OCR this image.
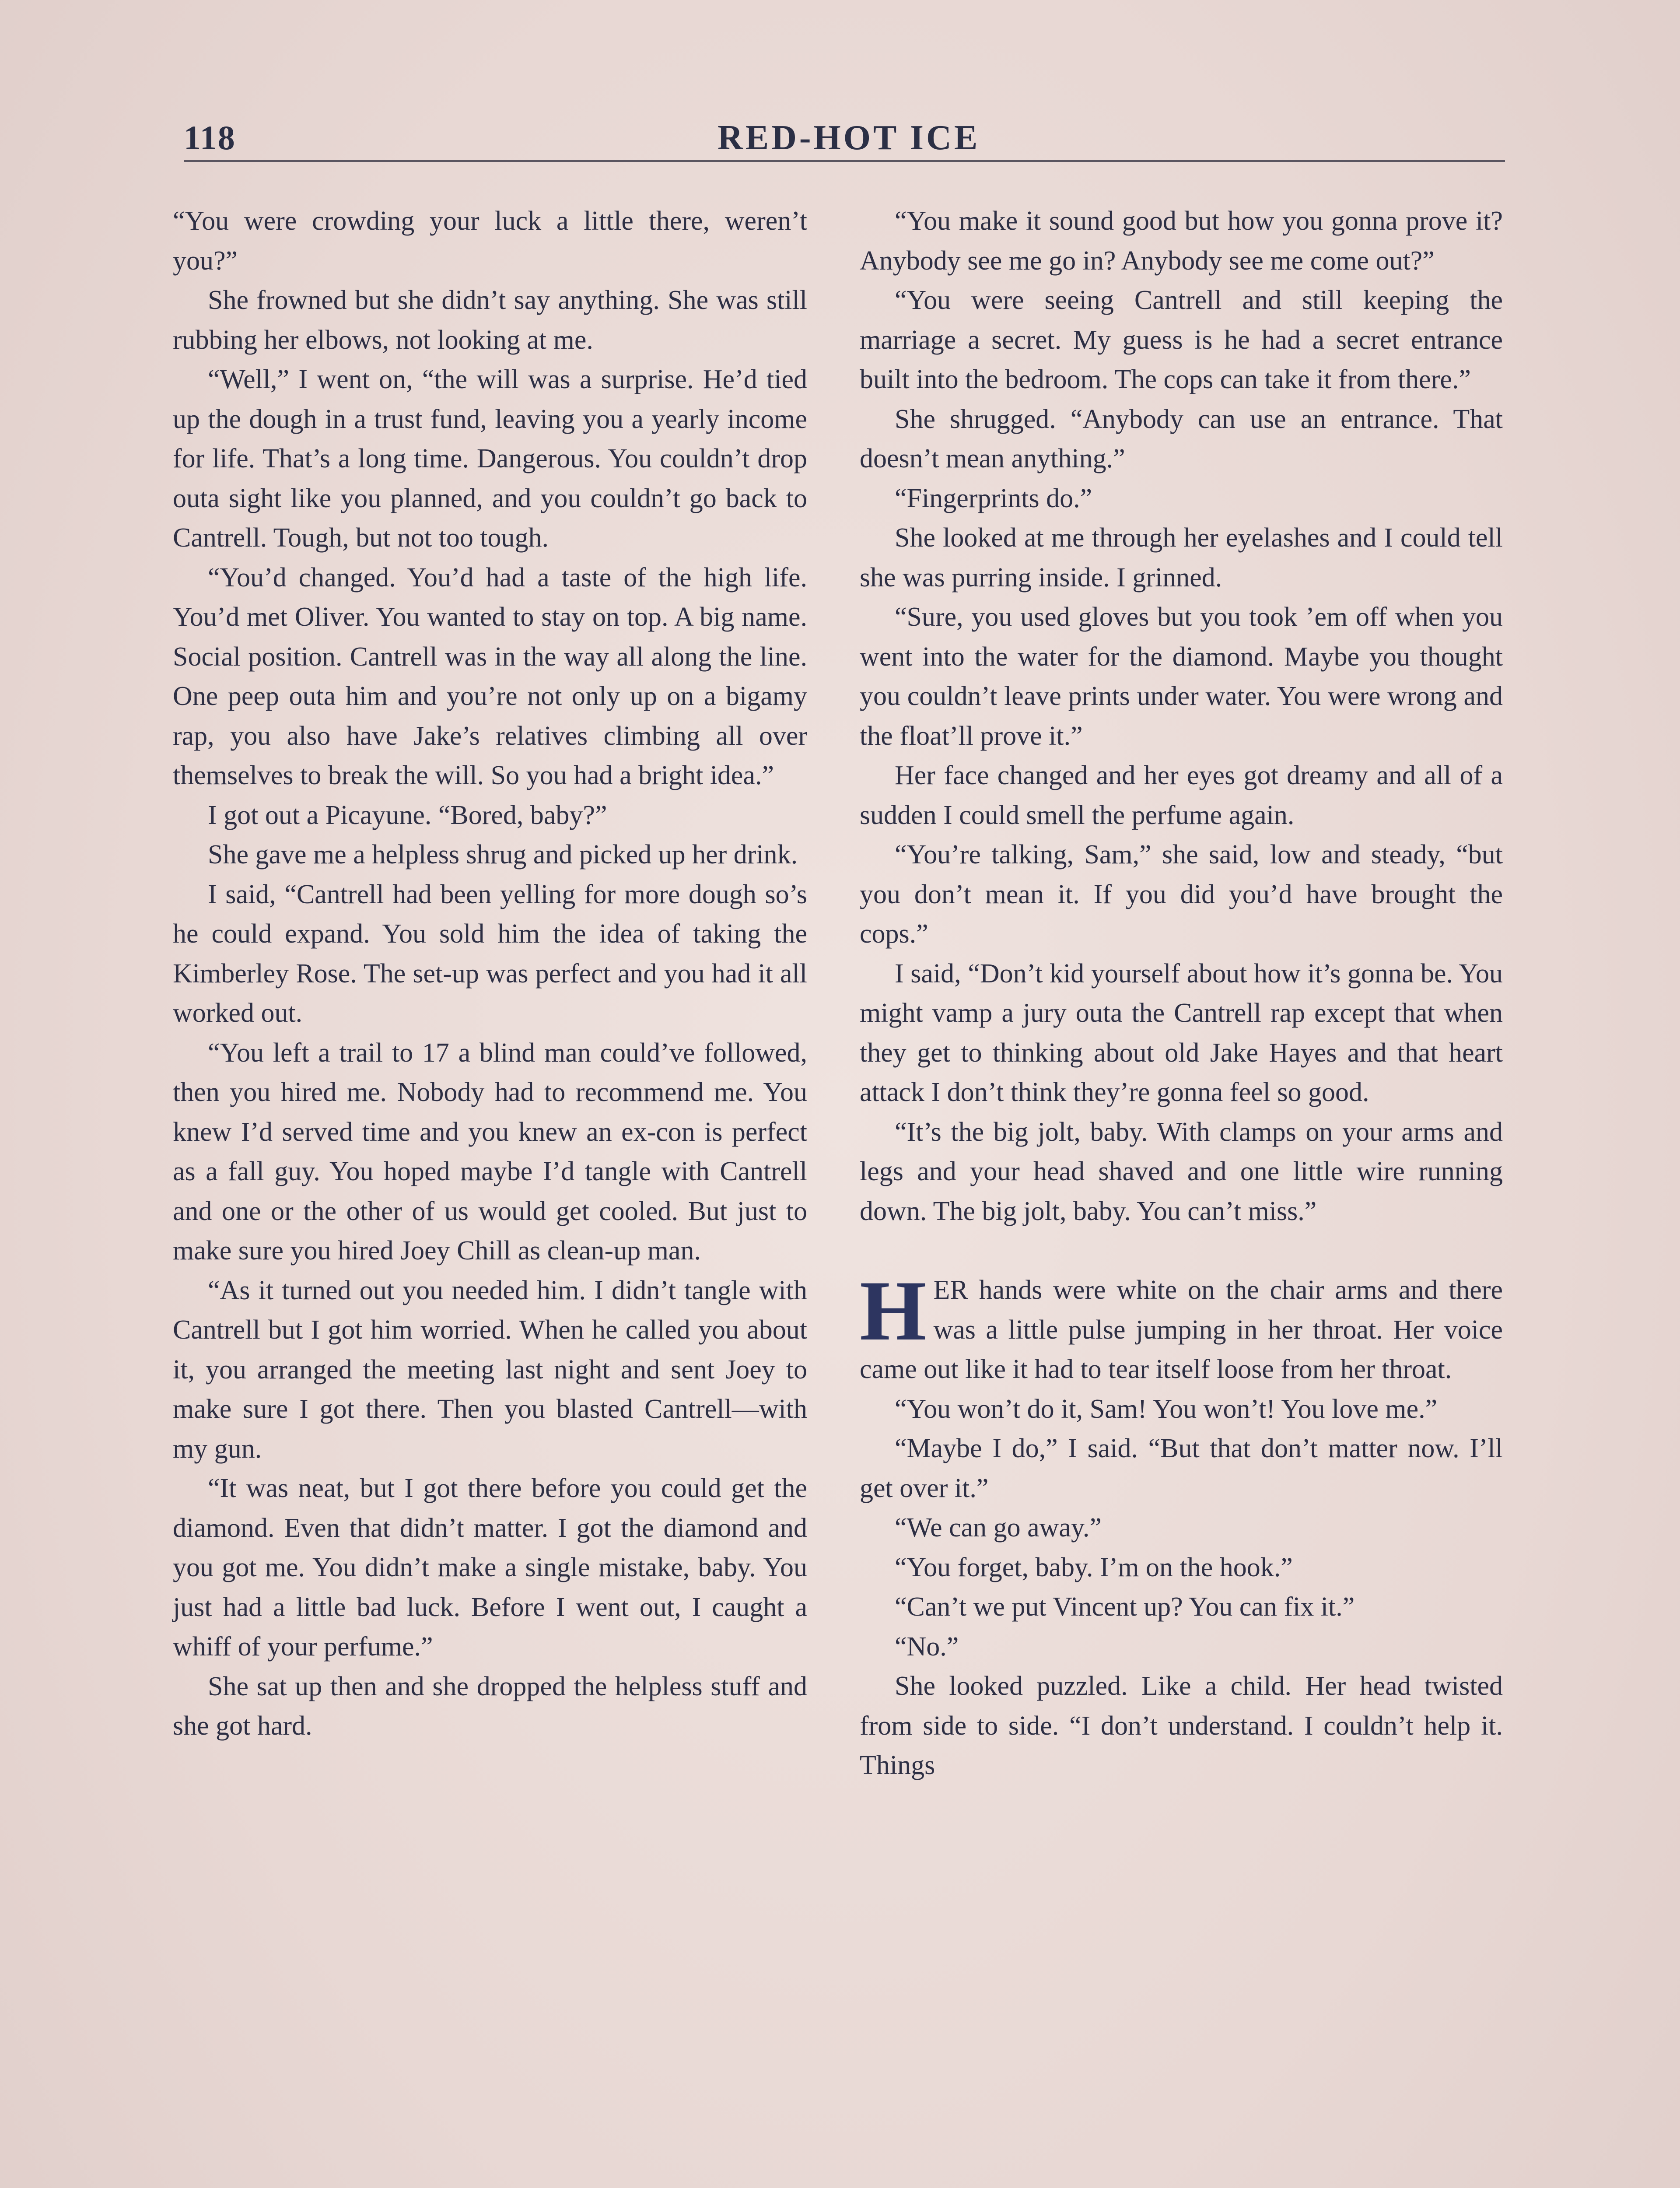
118	RED-HOT ICE

“You were crowding your luck a little there, weren’t you?”

She frowned but she didn’t say anything. She was still rubbing her elbows, not looking at me.

“Well,” I went on, “the will was a surprise. He’d tied up the dough in a trust fund, leaving you a yearly income for life. That’s a long time. Dangerous. You couldn’t drop outa sight like you planned, and you couldn’t go back to Cantrell. Tough, but not too tough.

“You’d changed. You’d had a taste of the high life. You’d met Oliver. You wanted to stay on top. A big name. Social position. Cantrell was in the way all along the line. One peep outa him and you’re not only up on a bigamy rap, you also have Jake’s relatives climbing all over themselves to break the will. So you had a bright idea.”

I got out a Picayune. “Bored, baby?”

She gave me a helpless shrug and picked up her drink.

I said, “Cantrell had been yelling for more dough so’s he could expand. You sold him the idea of taking the Kimberley Rose. The set-up was perfect and you had it all worked out.

“You left a trail to 17 a blind man could’ve followed, then you hired me. Nobody had to recommend me. You knew I’d served time and you knew an ex-con is perfect as a fall guy. You hoped maybe I’d tangle with Cantrell and one or the other of us would get cooled. But just to make sure you hired Joey Chill as clean-up man.

“As it turned out you needed him. I didn’t tangle with Cantrell but I got him worried. When he called you about it, you arranged the meeting last night and sent Joey to make sure I got there. Then you blasted Cantrell—with my gun.

“It was neat, but I got there before you could get the diamond. Even that didn’t matter. I got the diamond and you got me. You didn’t make a single mistake, baby. You just had a little bad luck. Before I went out, I caught a whiff of your perfume.”

She sat up then and she dropped the helpless stuff and she got hard.

“You make it sound good but how you gonna prove it? Anybody see me go in? Anybody see me come out?”

“You were seeing Cantrell and still keeping the marriage a secret. My guess is he had a secret entrance built into the bedroom. The cops can take it from there.”

She shrugged. “Anybody can use an entrance. That doesn’t mean anything.”

“Fingerprints do.”

She looked at me through her eyelashes and I could tell she was purring inside. I grinned.

“Sure, you used gloves but you took ’em off when you went into the water for the diamond. Maybe you thought you couldn’t leave prints under water. You were wrong and the float’ll prove it.”

Her face changed and her eyes got dreamy and all of a sudden I could smell the perfume again.

“You’re talking, Sam,” she said, low and steady, “but you don’t mean it. If you did you’d have brought the cops.”

I said, “Don’t kid yourself about how it’s gonna be. You might vamp a jury outa the Cantrell rap except that when they get to thinking about old Jake Hayes and that heart attack I don’t think they’re gonna feel so good.

“It’s the big jolt, baby. With clamps on your arms and legs and your head shaved and one little wire running down. The big jolt, baby. You can’t miss.”

HER hands were white on the chair arms and there was a little pulse jumping in her throat. Her voice came out like it had to tear itself loose from her throat.

“You won’t do it, Sam! You won’t! You love me.”

“Maybe I do,” I said. “But that don’t matter now. I’ll get over it.”

“We can go away.”

“You forget, baby. I’m on the hook.”

“Can’t we put Vincent up? You can fix it.”

“No.”

She looked puzzled. Like a child. Her head twisted from side to side. “I don’t understand. I couldn’t help it. Things
